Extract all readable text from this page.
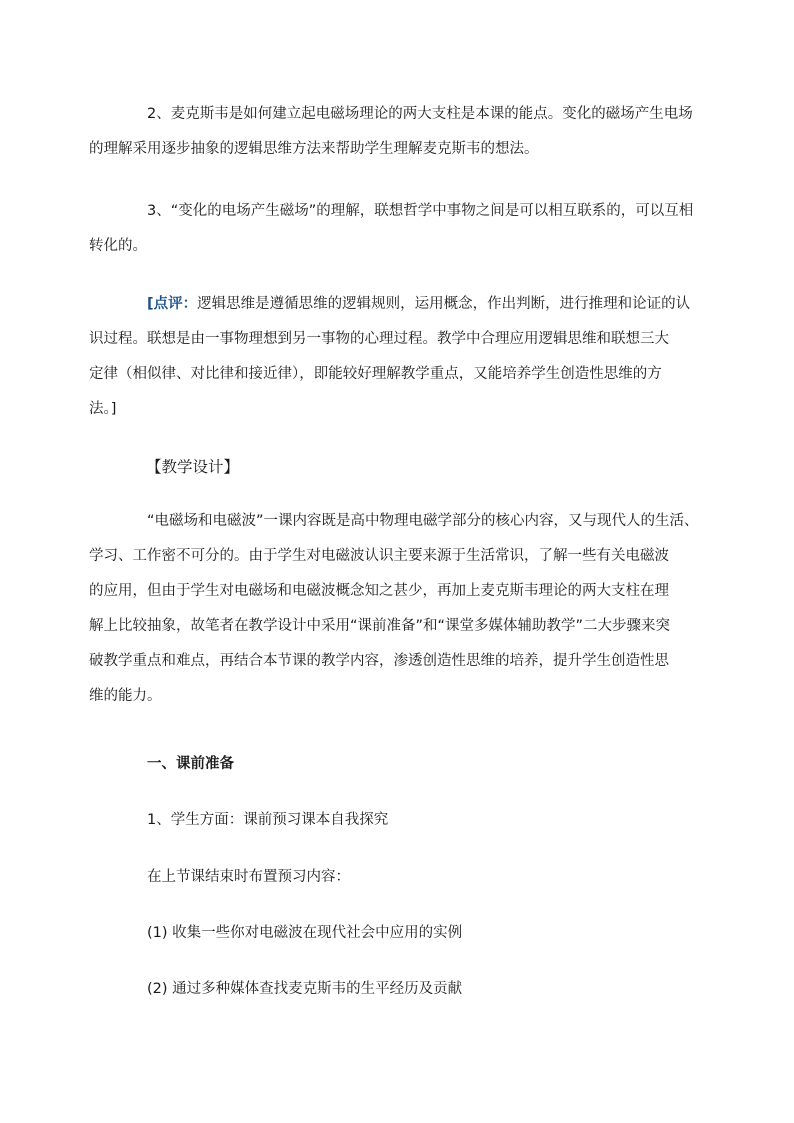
2、麦克斯韦是如何建立起电磁场理论的两大支柱是本课的能点。变化的磁场产生电场
的理解采用逐步抽象的逻辑思维方法来帮助学生理解麦克斯韦的想法。
3、“变化的电场产生磁场”的理解，联想哲学中事物之间是可以相互联系的，可以互相
转化的。
[点评：逻辑思维是遵循思维的逻辑规则，运用概念，作出判断，进行推理和论证的认
识过程。联想是由一事物理想到另一事物的心理过程。教学中合理应用逻辑思维和联想三大
定律（相似律、对比律和接近律），即能较好理解教学重点，又能培养学生创造性思维的方
法。]
【教学设计】
“电磁场和电磁波”一课内容既是高中物理电磁学部分的核心内容，又与现代人的生活、
学习、工作密不可分的。由于学生对电磁波认识主要来源于生活常识，了解一些有关电磁波
的应用，但由于学生对电磁场和电磁波概念知之甚少，再加上麦克斯韦理论的两大支柱在理
解上比较抽象，故笔者在教学设计中采用“课前准备”和“课堂多媒体辅助教学”二大步骤来突
破教学重点和难点，再结合本节课的教学内容，渗透创造性思维的培养，提升学生创造性思
维的能力。
一、课前准备
1、学生方面：课前预习课本自我探究
在上节课结束时布置预习内容：
(1) 收集一些你对电磁波在现代社会中应用的实例
(2) 通过多种媒体查找麦克斯韦的生平经历及贡献
